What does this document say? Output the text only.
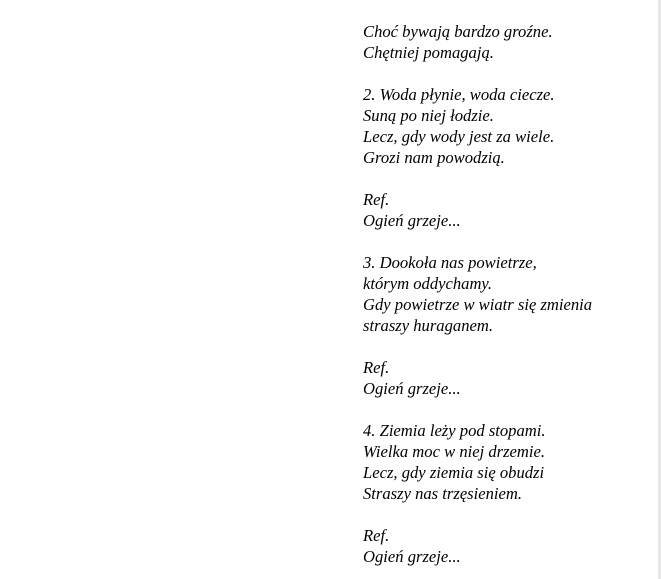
Choć bywają bardzo groźne.
Chętniej pomagają.
2. Woda płynie, woda ciecze.
Suną po niej łodzie.
Lecz, gdy wody jest za wiele.
Grozi nam powodzią.
Ref.
Ogień grzeje...
3. Dookoła nas powietrze,
którym oddychamy.
Gdy powietrze w wiatr się zmienia
straszy huraganem.
Ref.
Ogień grzeje...
4. Ziemia leży pod stopami.
Wielka moc w niej drzemie.
Lecz, gdy ziemia się obudzi
Straszy nas trzęsieniem.
Ref.
Ogień grzeje...
